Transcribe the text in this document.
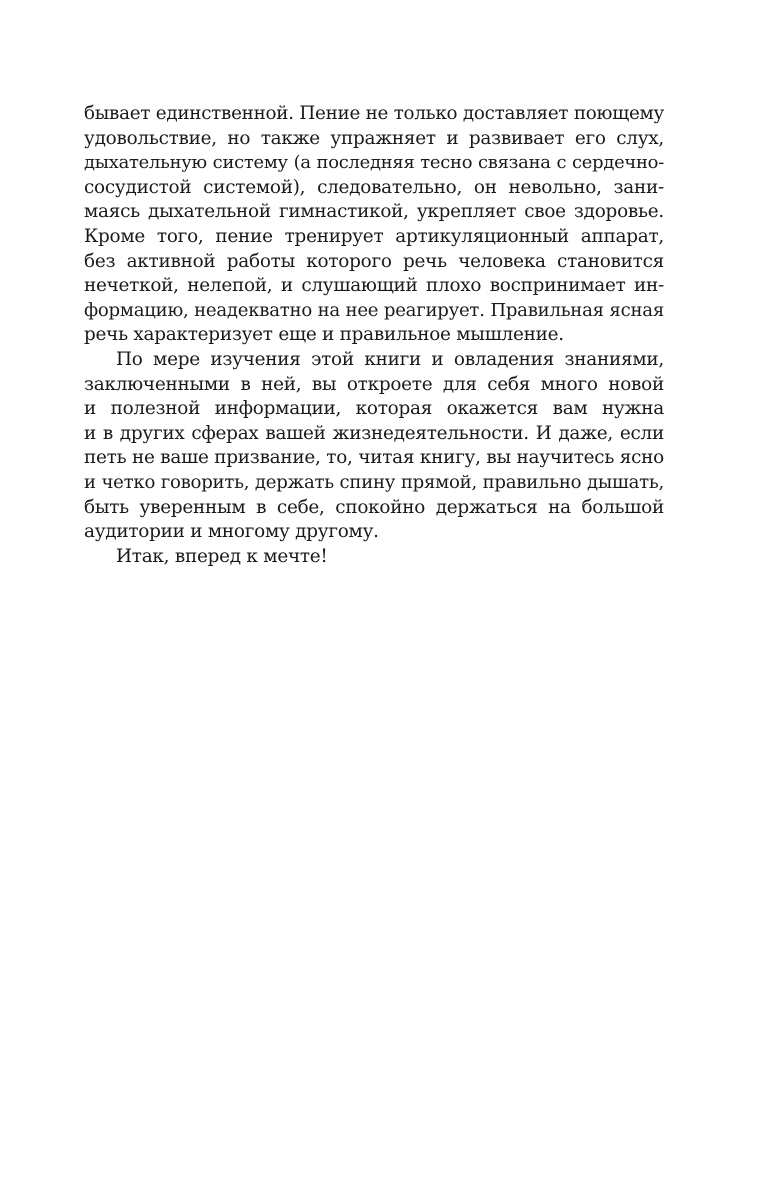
бывает единственной. Пение не только доставляет поющему
удовольствие, но также упражняет и развивает его слух,
дыхательную систему (а последняя тесно связана с сердечно-
сосудистой системой), следовательно, он невольно, зани-
маясь дыхательной гимнастикой, укрепляет свое здоровье.
Кроме того, пение тренирует артикуляционный аппарат,
без активной работы которого речь человека становится
нечеткой, нелепой, и слушающий плохо воспринимает ин-
формацию, неадекватно на нее реагирует. Правильная ясная
речь характеризует еще и правильное мышление.
По мере изучения этой книги и овладения знаниями,
заключенными в ней, вы откроете для себя много новой
и полезной информации, которая окажется вам нужна
и в других сферах вашей жизнедеятельности. И даже, если
петь не ваше призвание, то, читая книгу, вы научитесь ясно
и четко говорить, держать спину прямой, правильно дышать,
быть уверенным в себе, спокойно держаться на большой
аудитории и многому другому.
Итак, вперед к мечте!
